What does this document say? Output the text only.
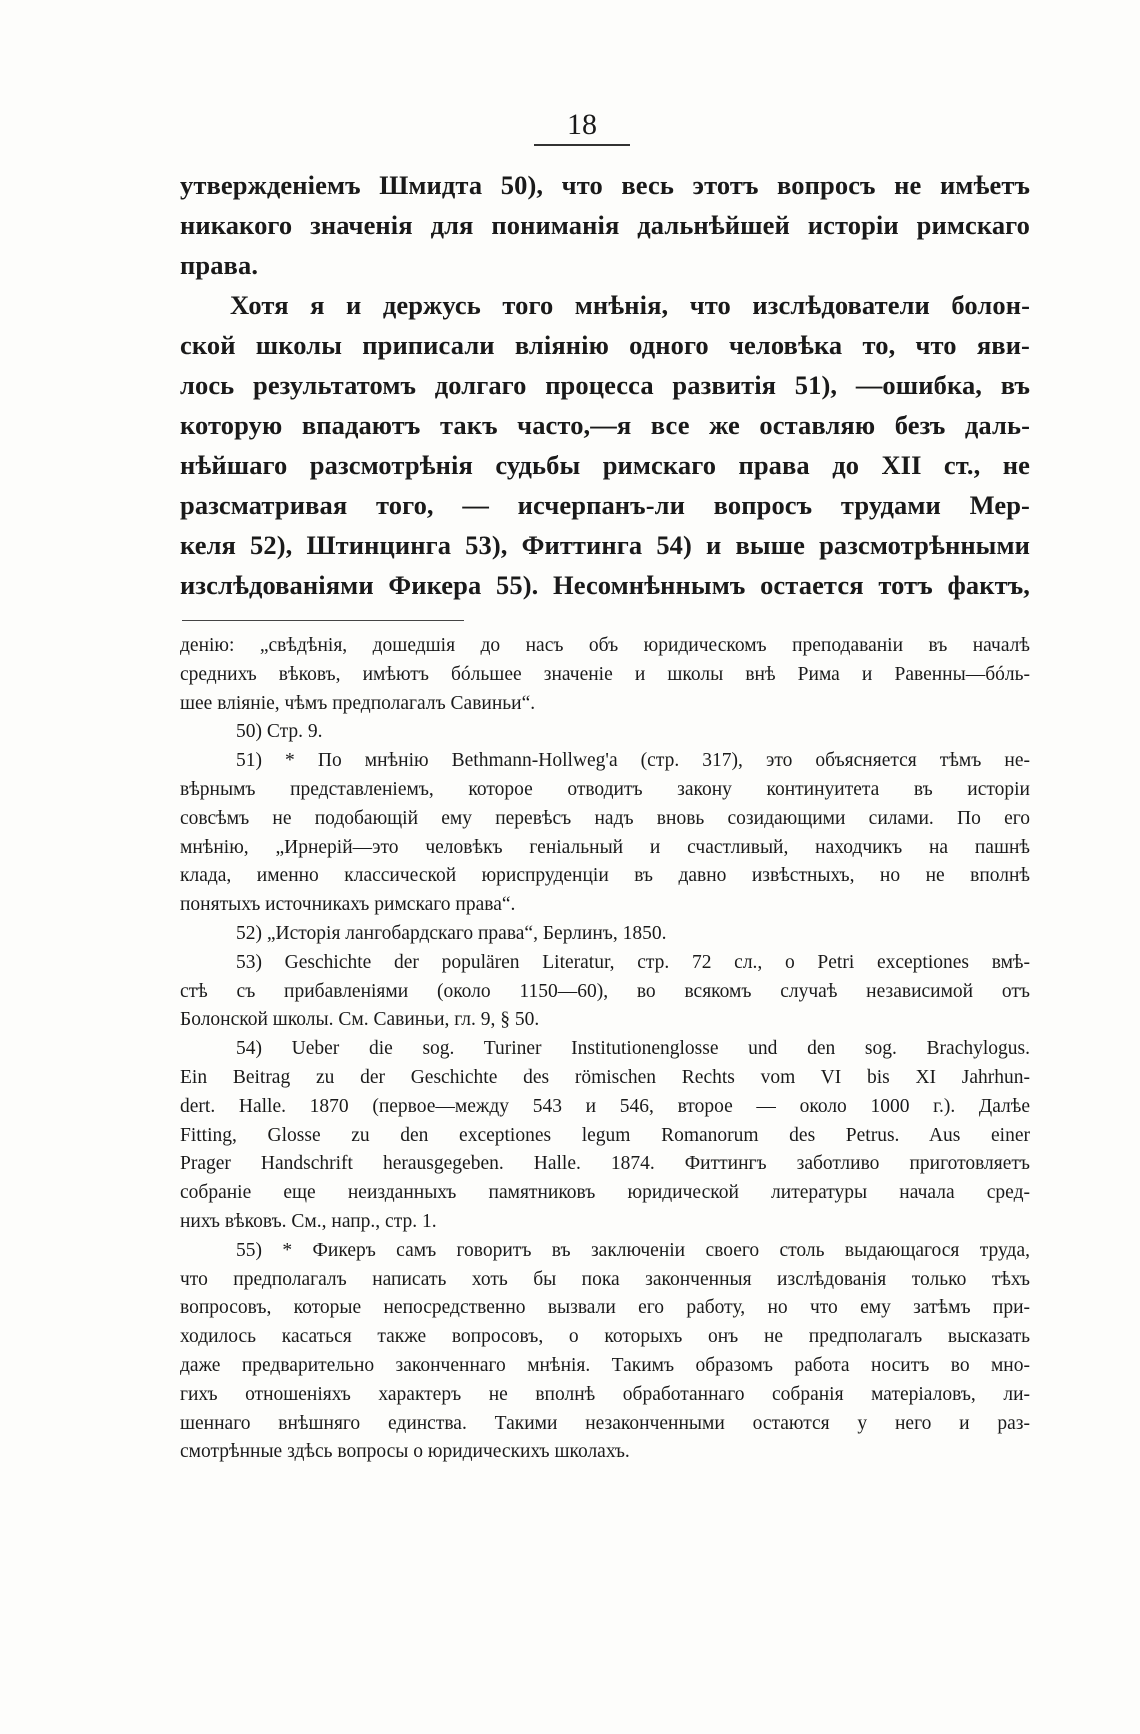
18
утвержденіемъ Шмидта 50), что весь этотъ вопросъ не имѣетъ
никакого значенія для пониманія дальнѣйшей исторіи римскаго
права.
Хотя я и держусь того мнѣнія, что изслѣдователи болон-
ской школы приписали вліянію одного человѣка то, что яви-
лось результатомъ долгаго процесса развитія 51), —ошибка, въ
которую впадаютъ такъ часто,—я все же оставляю безъ даль-
нѣйшаго разсмотрѣнія судьбы римскаго права до XII ст., не
разсматривая того, — исчерпанъ-ли вопросъ трудами Мер-
келя 52), Штинцинга 53), Фиттинга 54) и выше разсмотрѣнными
изслѣдованіями Фикера 55). Несомнѣннымъ остается тотъ фактъ,
денію: „свѣдѣнія, дошедшія до насъ объ юридическомъ преподаваніи въ началѣ
среднихъ вѣковъ, имѣютъ бóльшее значеніе и школы внѣ Рима и Равенны—бóль-
шее вліяніе, чѣмъ предполагалъ Савиньи“.
50) Стр. 9.
51) * По мнѣнію Bethmann-Hollweg'a (стр. 317), это объясняется тѣмъ не-
вѣрнымъ представленіемъ, которое отводитъ закону континуитета въ исторіи
совсѣмъ не подобающій ему перевѣсъ надъ вновь созидающими силами. По его
мнѣнію, „Ирнерій—это человѣкъ геніальный и счастливый, находчикъ на пашнѣ
клада, именно классической юриспруденціи въ давно извѣстныхъ, но не вполнѣ
понятыхъ источникахъ римскаго права“.
52) „Исторія лангобардскаго права“, Берлинъ, 1850.
53) Geschichte der populären Literatur, стр. 72 сл., о Petri exceptiones вмѣ-
стѣ съ прибавленіями (около 1150—60), во всякомъ случаѣ независимой отъ
Болонской школы. См. Савиньи, гл. 9, § 50.
54) Ueber die sog. Turiner Institutionenglosse und den sog. Brachylogus.
Ein Beitrag zu der Geschichte des römischen Rechts vom VI bis XI Jahrhun-
dert. Halle. 1870 (первое—между 543 и 546, второе — около 1000 г.). Далѣе
Fitting, Glosse zu den exceptiones legum Romanorum des Petrus. Aus einer
Prager Handschrift herausgegeben. Halle. 1874. Фиттингъ заботливо приготовляетъ
собраніе еще неизданныхъ памятниковъ юридической литературы начала сред-
нихъ вѣковъ. См., напр., стр. 1.
55) * Фикеръ самъ говоритъ въ заключеніи своего столь выдающагося труда,
что предполагалъ написать хоть бы пока законченныя изслѣдованія только тѣхъ
вопросовъ, которые непосредственно вызвали его работу, но что ему затѣмъ при-
ходилось касаться также вопросовъ, о которыхъ онъ не предполагалъ высказать
даже предварительно законченнаго мнѣнія. Такимъ образомъ работа носитъ во мно-
гихъ отношеніяхъ характеръ не вполнѣ обработаннаго собранія матеріаловъ, ли-
шеннаго внѣшняго единства. Такими незаконченными остаются у него и раз-
смотрѣнные здѣсь вопросы о юридическихъ школахъ.
